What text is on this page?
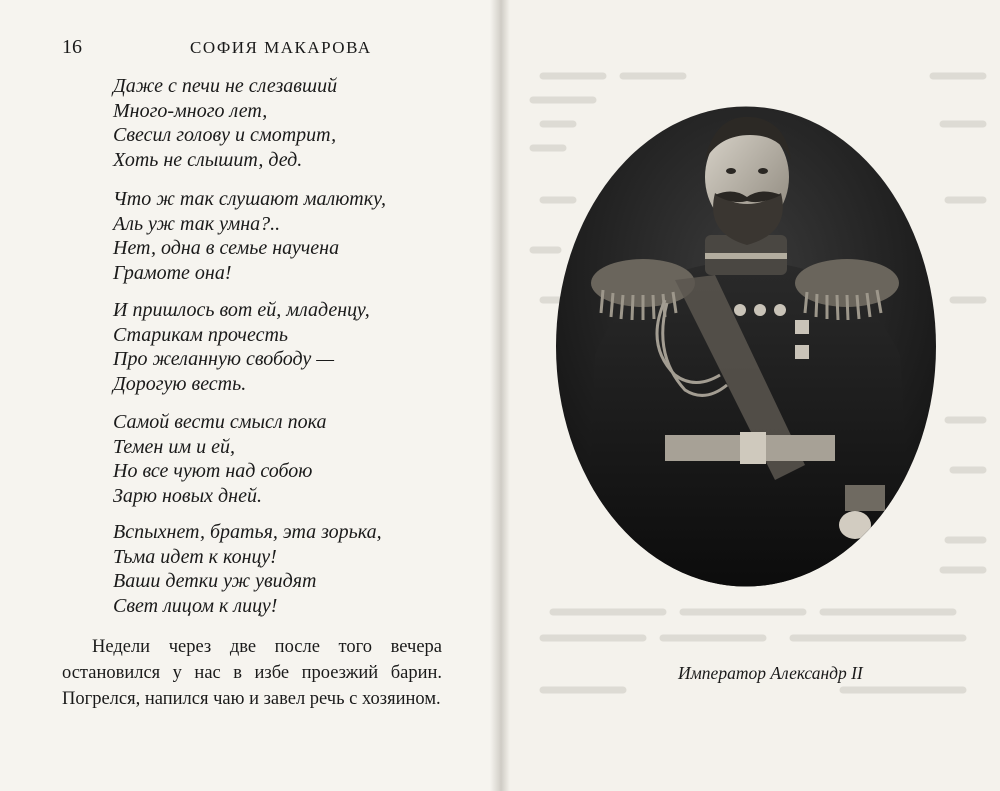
16	СОФИЯ МАКАРОВА
Даже с печи не слезавший
Много-много лет,
Свесил голову и смотрит,
Хоть не слышит, дед.
Что ж так слушают малютку,
Аль уж так умна?..
Нет, одна в семье научена
Грамоте она!
И пришлось вот ей, младенцу,
Старикам прочесть
Про желанную свободу —
Дорогую весть.
Самой вести смысл пока
Темен им и ей,
Но все чуют над собою
Зарю новых дней.
Вспыхнет, братья, эта зорька,
Тьма идет к концу!
Ваши детки уж увидят
Свет лицом к лицу!
Недели через две после того вечера остановился у нас в избе проезжий барин. Погрелся, напился чаю и завел речь с хозяином.
Император Александр II
